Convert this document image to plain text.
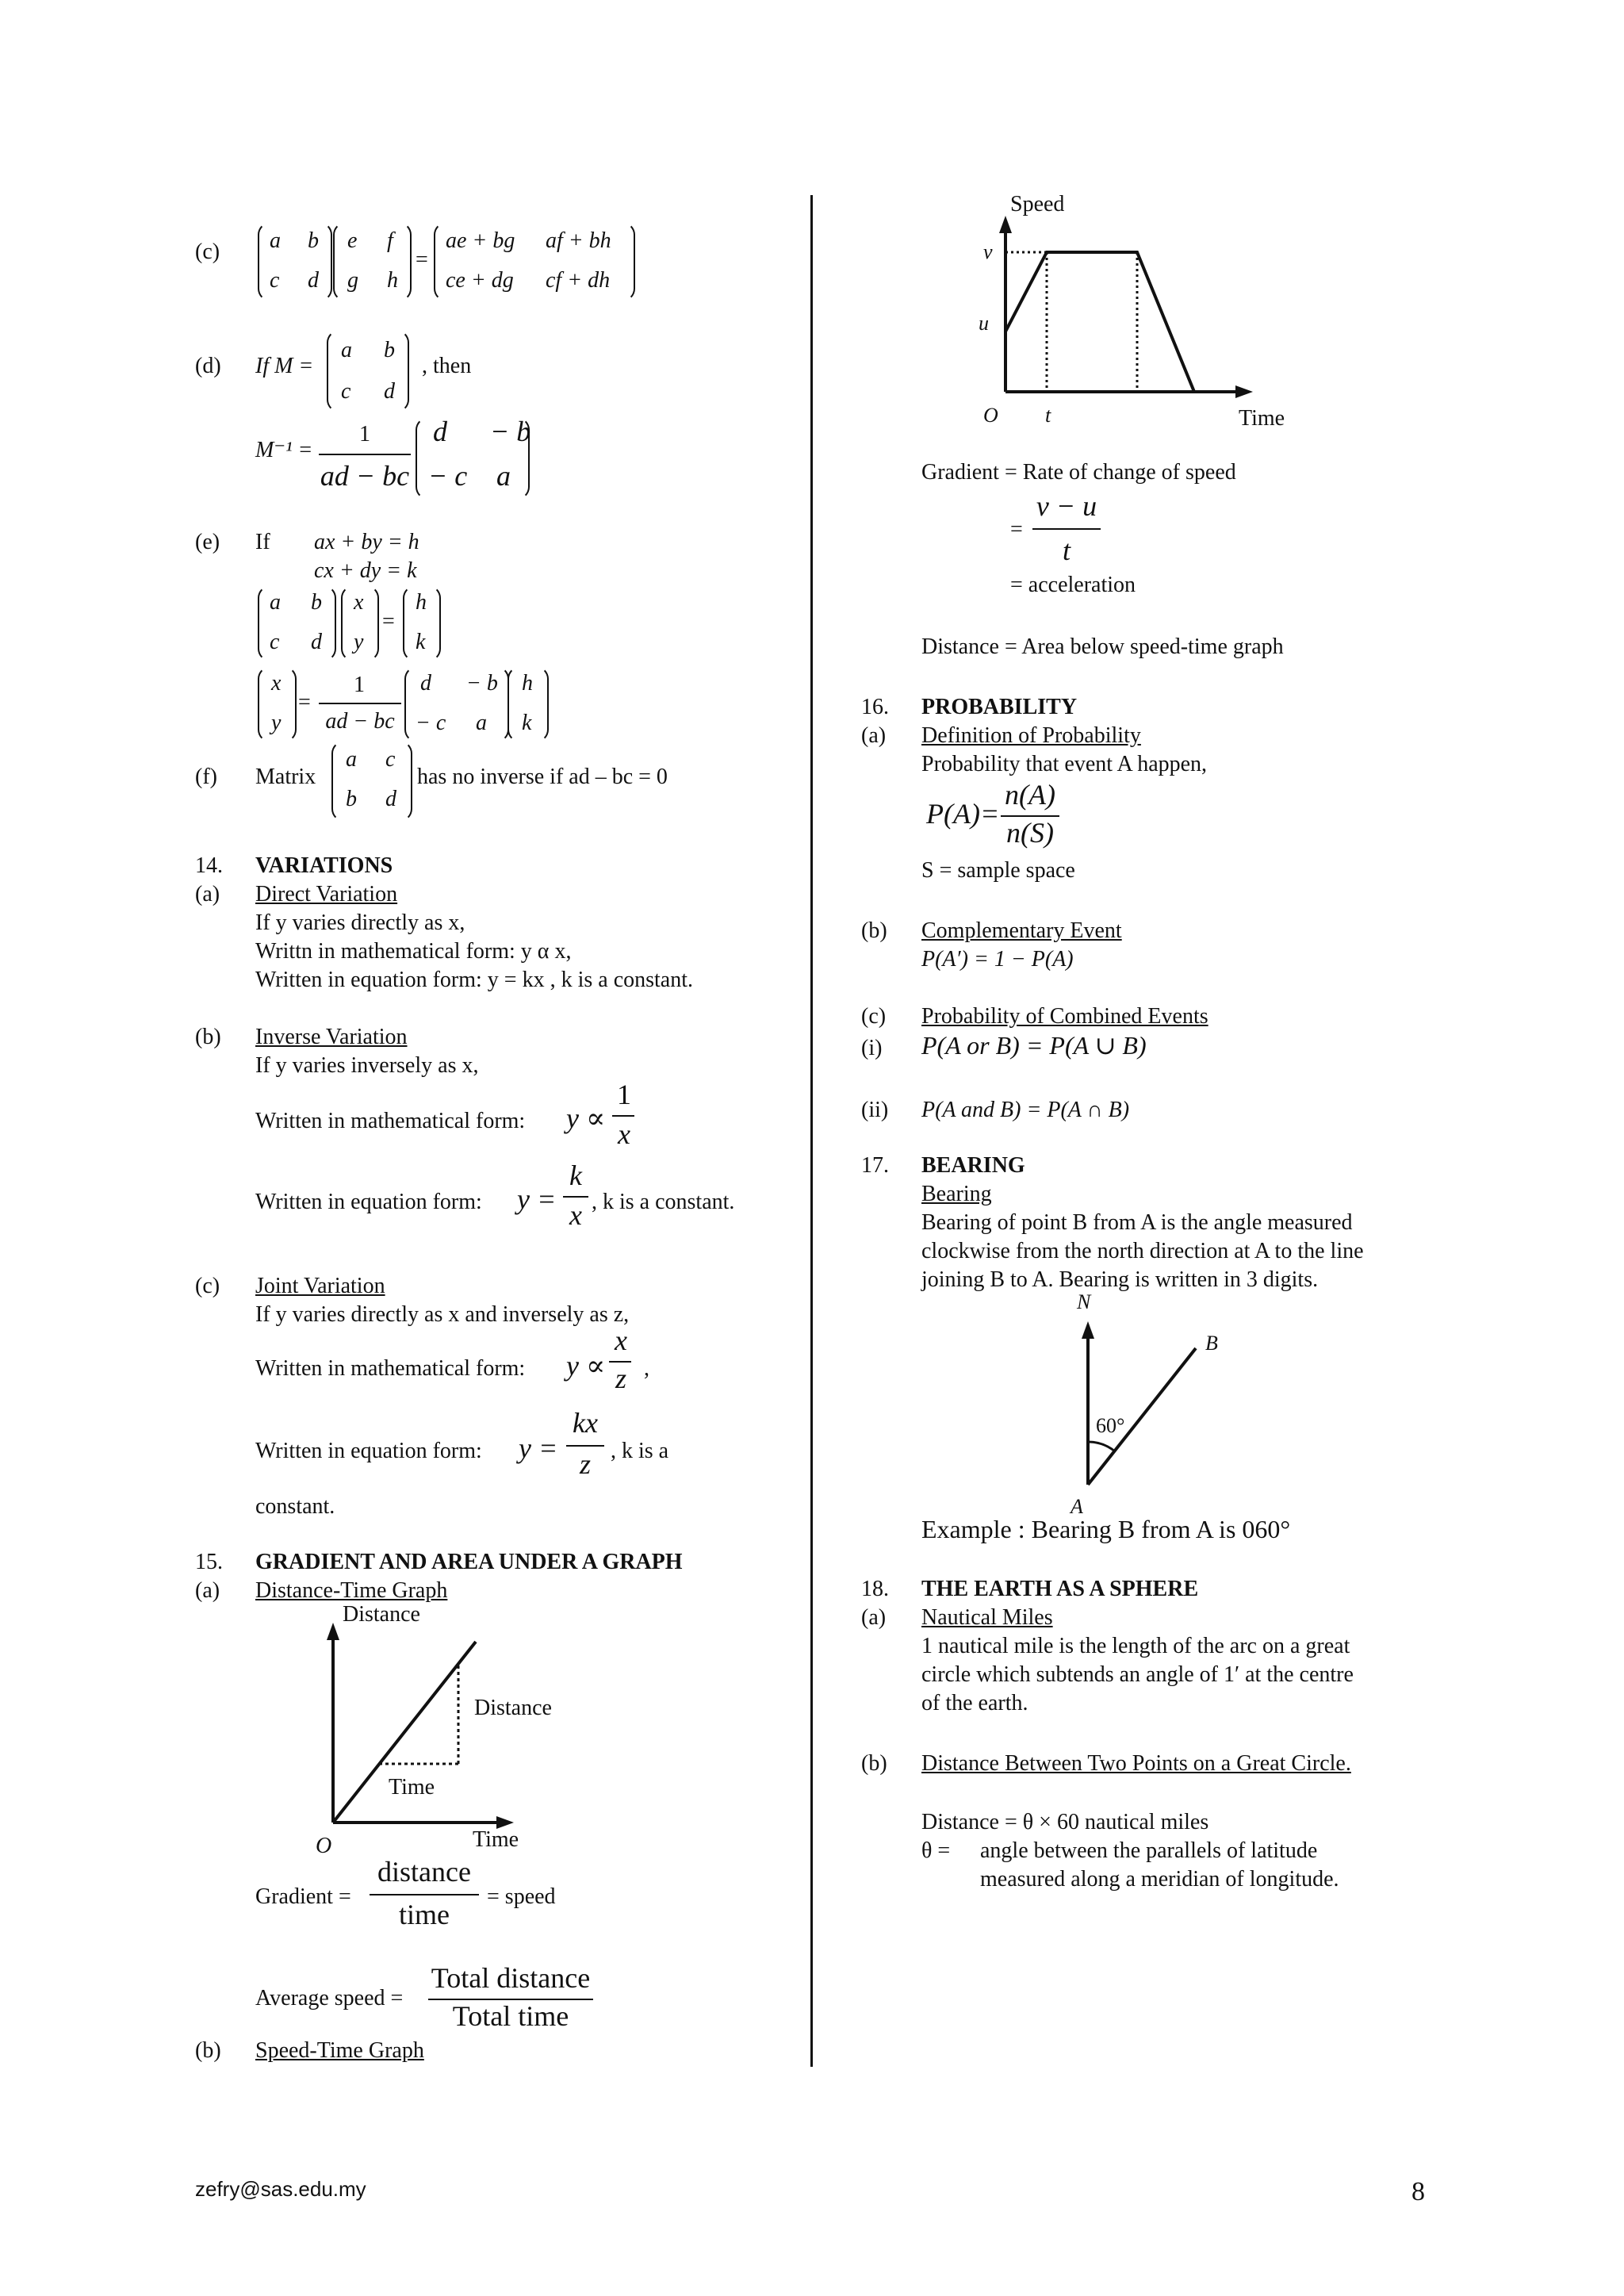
(c) a b
c d
e f
g h
=
ae + bg af + bh
ce + dg cf + dh
(d) If M =
a b
c d
, then
M⁻¹ =
1
ad − bc
d − b
− c a
(e) If ax + by = h
cx + dy = k
a b
c d
x
y
=
h
k
x
y
=
1
ad − bc
d − b
− c a
h
k
(f) Matrix
a c
b d
has no inverse if ad – bc = 0
14. VARIATIONS
(a) Direct Variation
If y varies directly as x,
Writtn in mathematical form: y α x,
Written in equation form: y = kx , k is a constant.
(b) Inverse Variation
If y varies inversely as x,
Written in mathematical form: y ∝
1
x
Written in equation form: y =
k
x , k is a constant.
(c) Joint Variation
If y varies directly as x and inversely as z,
Written in mathematical form: y ∝
x
z ,
Written in equation form: y =
kx
z , k is a
constant.
15. GRADIENT AND AREA UNDER A GRAPH
(a) Distance-Time Graph
Distance
Distance
Time
O	Time
Gradient =
distance
time
= speed
Average speed =
Total distance
Total time
(b) Speed-Time Graph
Speed
v
u
O t	Time
Gradient = Rate of change of speed
=
v − u
t
= acceleration
Distance = Area below speed-time graph
16. PROBABILITY
(a) Definition of Probability
Probability that event A happen,
P(A)=
n(A)
n(S)
S = sample space
(b) Complementary Event
P(A′) = 1 − P(A)
(c) Probability of Combined Events
(i) P(A or B) = P(A ∪ B)
(ii) P(A and B) = P(A ∩ B)
17. BEARING
Bearing
Bearing of point B from A is the angle measured
clockwise from the north direction at A to the line
joining B to A. Bearing is written in 3 digits.
N
B
60°
A
Example : Bearing B from A is 060°
18. THE EARTH AS A SPHERE
(a) Nautical Miles
1 nautical mile is the length of the arc on a great
circle which subtends an angle of 1′ at the centre
of the earth.
(b) Distance Between Two Points on a Great Circle.
Distance = θ × 60 nautical miles
θ = angle between the parallels of latitude
measured along a meridian of longitude.
zefry@sas.edu.my	8
